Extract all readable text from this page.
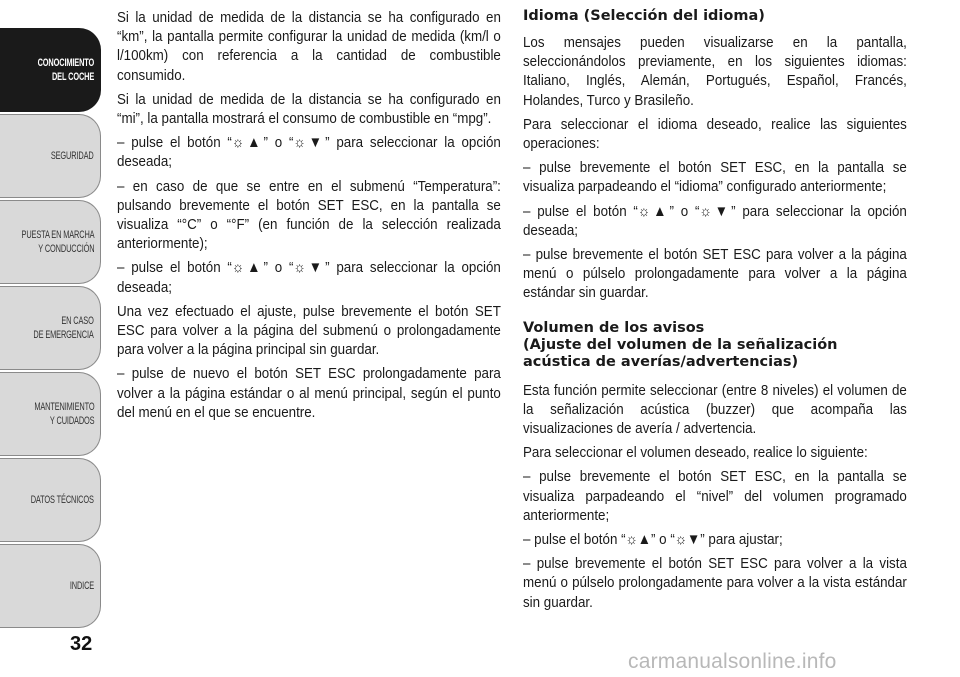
CONOCIMIENTO
DEL COCHE
SEGURIDAD
PUESTA EN MARCHA
Y CONDUCCIÓN
EN CASO
DE EMERGENCIA
MANTENIMIENTO
Y CUIDADOS
DATOS TÉCNICOS
INDICE
32

Si la unidad de medida de la distancia se ha configurado en “km”, la pantalla permite configurar la unidad de medida (km/l o l/100km) con referencia a la cantidad de combustible consumido.

Si la unidad de medida de la distancia se ha configurado en “mi”, la pantalla mostrará el consumo de combustible en “mpg”.

– pulse el botón “☼▲” o “☼▼” para seleccionar la opción deseada;

– en caso de que se entre en el submenú “Temperatura”: pulsando brevemente el botón SET ESC, en la pantalla se visualiza “°C” o “°F” (en función de la selección realizada anteriormente);

– pulse el botón “☼▲” o “☼▼” para seleccionar la opción deseada;

Una vez efectuado el ajuste, pulse brevemente el botón SET ESC para volver a la página del submenú o prolongadamente para volver a la página principal sin guardar.

– pulse de nuevo el botón SET ESC prolongadamente para volver a la página estándar o al menú principal, según el punto del menú en el que se encuentre.

Idioma (Selección del idioma)

Los mensajes pueden visualizarse en la pantalla, seleccionándolos previamente, en los siguientes idiomas: Italiano, Inglés, Alemán, Portugués, Español, Francés, Holandes, Turco y Brasileño.

Para seleccionar el idioma deseado, realice las siguientes operaciones:

– pulse brevemente el botón SET ESC, en la pantalla se visualiza parpadeando el “idioma” configurado anteriormente;

– pulse el botón “☼▲” o “☼▼” para seleccionar la opción deseada;

– pulse brevemente el botón SET ESC para volver a la página menú o púlselo prolongadamente para volver a la página estándar sin guardar.

Volumen de los avisos
(Ajuste del volumen de la señalización
acústica de averías/advertencias)

Esta función permite seleccionar (entre 8 niveles) el volumen de la señalización acústica (buzzer) que acompaña las visualizaciones de avería / advertencia.

Para seleccionar el volumen deseado, realice lo siguiente:

– pulse brevemente el botón SET ESC, en la pantalla se visualiza parpadeando el “nivel” del volumen programado anteriormente;

– pulse el botón “☼▲” o “☼▼” para ajustar;

– pulse brevemente el botón SET ESC para volver a la vista menú o púlselo prolongadamente para volver a la vista estándar sin guardar.

carmanualsonline.info
